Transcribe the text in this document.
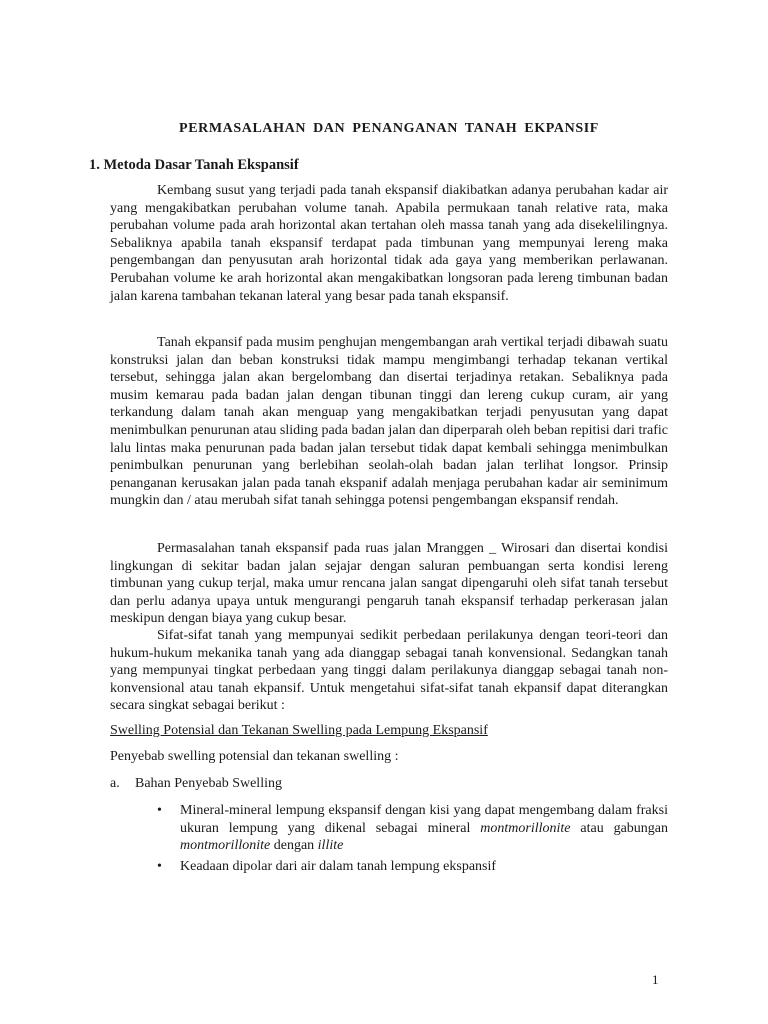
PERMASALAHAN DAN PENANGANAN TANAH EKPANSIF
1. Metoda Dasar Tanah Ekspansif

Kembang susut yang terjadi pada tanah ekspansif diakibatkan adanya perubahan kadar air yang mengakibatkan perubahan volume tanah. Apabila permukaan tanah relative rata, maka perubahan volume pada arah horizontal akan tertahan oleh massa tanah yang ada disekelilingnya. Sebaliknya apabila tanah ekspansif terdapat pada timbunan yang mempunyai lereng maka pengembangan dan penyusutan arah horizontal tidak ada gaya yang memberikan perlawanan. Perubahan volume ke arah horizontal akan mengakibatkan longsoran pada lereng timbunan badan jalan karena tambahan tekanan lateral yang besar pada tanah ekspansif.

Tanah ekpansif pada musim penghujan mengembangan arah vertikal terjadi dibawah suatu konstruksi jalan dan beban konstruksi tidak mampu mengimbangi terhadap tekanan vertikal tersebut, sehingga jalan akan bergelombang dan disertai terjadinya retakan. Sebaliknya pada musim kemarau pada badan jalan dengan tibunan tinggi dan lereng cukup curam, air yang terkandung dalam tanah akan menguap yang mengakibatkan terjadi penyusutan yang dapat menimbulkan penurunan atau sliding pada badan jalan dan diperparah oleh beban repitisi dari trafic lalu lintas maka penurunan pada badan jalan tersebut tidak dapat kembali sehingga menimbulkan penimbulkan penurunan yang berlebihan seolah-olah badan jalan terlihat longsor. Prinsip penanganan kerusakan jalan pada tanah ekspanif adalah menjaga perubahan kadar air seminimum mungkin dan / atau merubah sifat tanah sehingga potensi pengembangan ekspansif rendah.

Permasalahan tanah ekspansif pada ruas jalan Mranggen _ Wirosari dan disertai kondisi lingkungan di sekitar badan jalan sejajar dengan saluran pembuangan serta kondisi lereng timbunan yang cukup terjal, maka umur rencana jalan sangat dipengaruhi oleh sifat tanah tersebut dan perlu adanya upaya untuk mengurangi pengaruh tanah ekspansif terhadap perkerasan jalan meskipun dengan biaya yang cukup besar.

Sifat-sifat tanah yang mempunyai sedikit perbedaan perilakunya dengan teori-teori dan hukum-hukum mekanika tanah yang ada dianggap sebagai tanah konvensional. Sedangkan tanah yang mempunyai tingkat perbedaan yang tinggi dalam perilakunya dianggap sebagai tanah non-konvensional atau tanah ekpansif. Untuk mengetahui sifat-sifat tanah ekpansif dapat diterangkan secara singkat sebagai berikut :

Swelling Potensial dan Tekanan Swelling pada Lempung Ekspansif

Penyebab swelling potensial dan tekanan swelling :

a. Bahan Penyebab Swelling

• Mineral-mineral lempung ekspansif dengan kisi yang dapat mengembang dalam fraksi ukuran lempung yang dikenal sebagai mineral montmorillonite atau gabungan montmorillonite dengan illite
• Keadaan dipolar dari air dalam tanah lempung ekspansif

1
